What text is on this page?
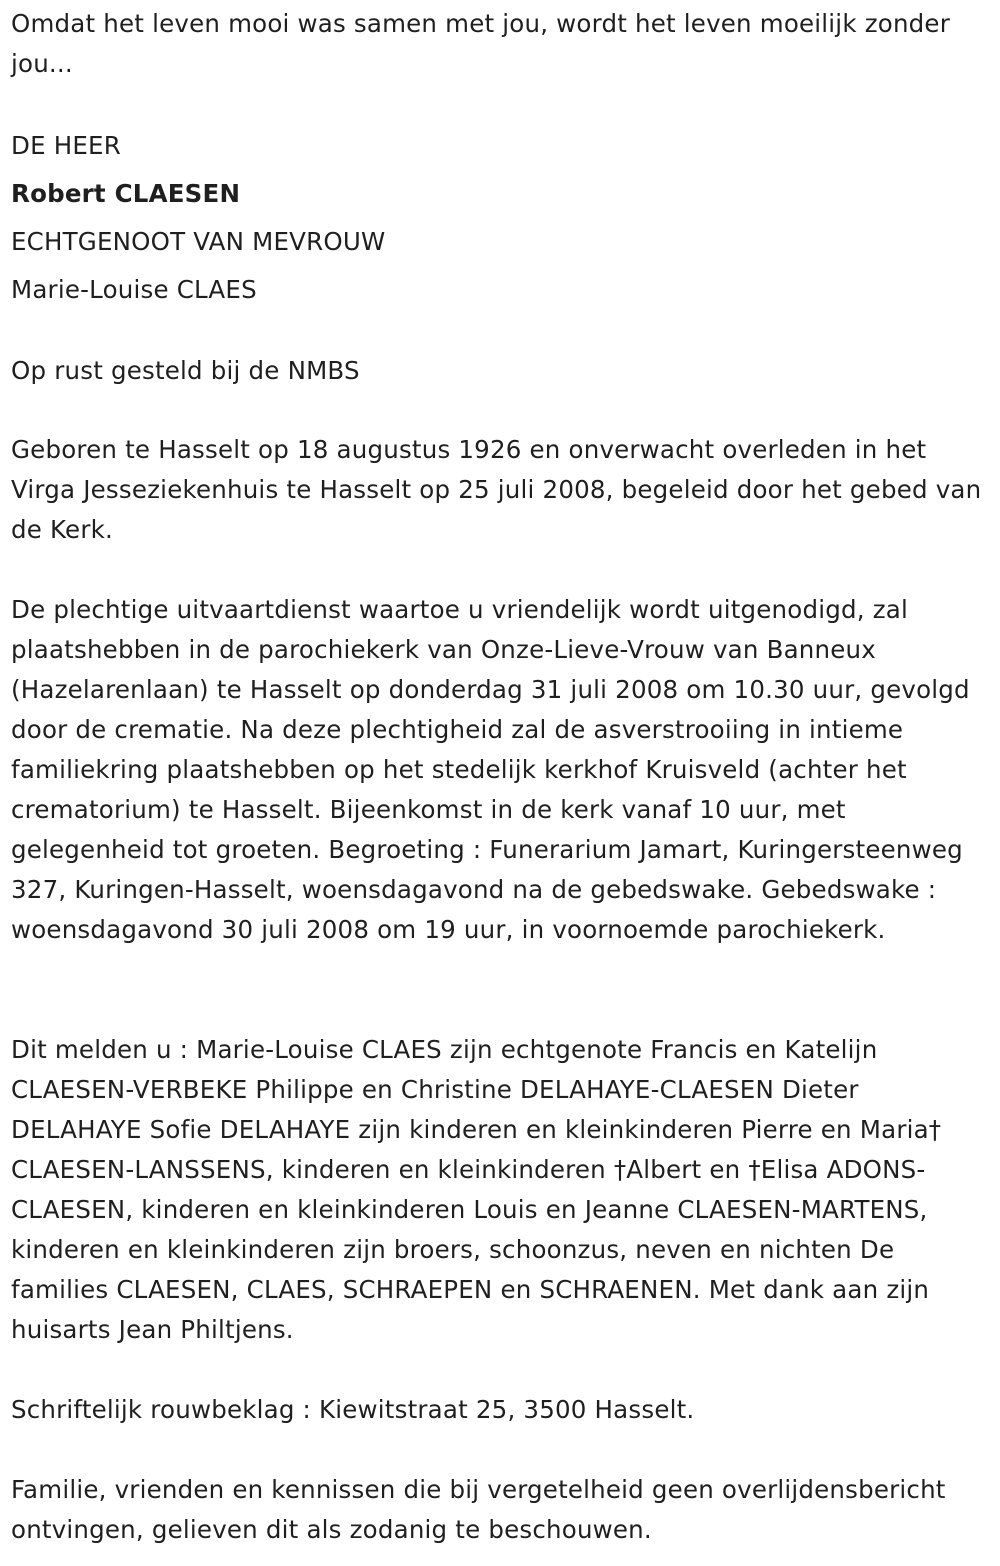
Omdat het leven mooi was samen met jou, wordt het leven moeilijk zonder jou...

DE HEER

Robert CLAESEN

ECHTGENOOT VAN MEVROUW

Marie-Louise CLAES

Op rust gesteld bij de NMBS

Geboren te Hasselt op 18 augustus 1926 en onverwacht overleden in het Virga Jesseziekenhuis te Hasselt op 25 juli 2008, begeleid door het gebed van de Kerk.

De plechtige uitvaartdienst waartoe u vriendelijk wordt uitgenodigd, zal plaatshebben in de parochiekerk van Onze-Lieve-Vrouw van Banneux (Hazelarenlaan) te Hasselt op donderdag 31 juli 2008 om 10.30 uur, gevolgd door de crematie. Na deze plechtigheid zal de asverstrooiing in intieme familiekring plaatshebben op het stedelijk kerkhof Kruisveld (achter het crematorium) te Hasselt. Bijeenkomst in de kerk vanaf 10 uur, met gelegenheid tot groeten. Begroeting : Funerarium Jamart, Kuringersteenweg 327, Kuringen-Hasselt, woensdagavond na de gebedswake. Gebedswake : woensdagavond 30 juli 2008 om 19 uur, in voornoemde parochiekerk.

Dit melden u : Marie-Louise CLAES zijn echtgenote Francis en Katelijn CLAESEN-VERBEKE Philippe en Christine DELAHAYE-CLAESEN Dieter DELAHAYE Sofie DELAHAYE zijn kinderen en kleinkinderen Pierre en Maria† CLAESEN-LANSSENS, kinderen en kleinkinderen †Albert en †Elisa ADONS-CLAESEN, kinderen en kleinkinderen Louis en Jeanne CLAESEN-MARTENS, kinderen en kleinkinderen zijn broers, schoonzus, neven en nichten De families CLAESEN, CLAES, SCHRAEPEN en SCHRAENEN. Met dank aan zijn huisarts Jean Philtjens.

Schriftelijk rouwbeklag : Kiewitstraat 25, 3500 Hasselt.

Familie, vrienden en kennissen die bij vergetelheid geen overlijdensbericht ontvingen, gelieven dit als zodanig te beschouwen.
